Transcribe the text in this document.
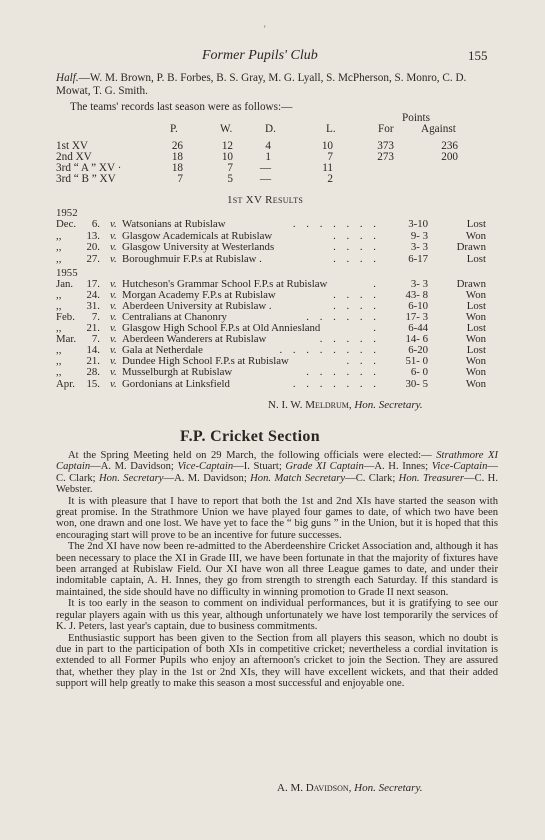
'
Former Pupils' Club	155
Half.—W. M. Brown, P. B. Forbes, B. S. Gray, M. G. Lyall, S. McPherson, S. Monro, C. D. Mowat, T. G. Smith.
The teams' records last season were as follows:—
Points
P.	W.	D.	L.	For Against
1st XV	26	12	4	10	373	236
2nd XV	18	10	1	7	273	200
3rd “ A ” XV ·	18	7	—	11
3rd “ B ” XV	7	5	—	2
1st XV Results
1952
1955
Dec.	6. v. Watsonians at Rubislaw	. . . . . . .	3-10	Lost
,,	13. v. Glasgow Academicals at Rubislaw	. . . .	9- 3	Won
,,	20. v. Glasgow University at Westerlands	. . . .	3- 3	Drawn
,,	27. v. Boroughmuir F.P.s at Rubislaw .	. . . .	6-17	Lost
Jan.	17. v. Hutcheson's Grammar School F.P.s at Rubislaw	.	3- 3	Drawn
,,	24. v. Morgan Academy F.P.s at Rubislaw	. . . .	43- 8	Won
,,	31. v. Aberdeen University at Rubislaw .	. . . .	6-10	Lost
Feb.	7. v. Centralians at Chanonry	. . . . . .	17- 3	Won
,,	21. v. Glasgow High School F.P.s at Old Anniesland	.	6-44	Lost
Mar.	7. v. Aberdeen Wanderers at Rubislaw	. . . . .	14- 6	Won
,,	14. v. Gala at Netherdale	. . . . . . . .	6-20	Lost
,,	21. v. Dundee High School F.P.s at Rubislaw	. . .	51- 0	Won
,,	28. v. Musselburgh at Rubislaw	. . . . . .	6- 0	Won
Apr.	15. v. Gordonians at Linksfield	. . . . . . .	30- 5	Won
N. I. W. Meldrum, Hon. Secretary.
F.P. Cricket Section

At the Spring Meeting held on 29 March, the following officials were elected:— Strathmore XI Captain—A. M. Davidson; Vice-Captain—I. Stuart; Grade XI Captain—A. H. Innes; Vice-Captain—C. Clark; Hon. Secretary—A. M. Davidson; Hon. Match Secretary—C. Clark; Hon. Treasurer—C. H. Webster.

It is with pleasure that I have to report that both the 1st and 2nd XIs have started the season with great promise. In the Strathmore Union we have played four games to date, of which two have been won, one drawn and one lost. We have yet to face the “ big guns ” in the Union, but it is hoped that this encouraging start will prove to be an incentive for future successes.

The 2nd XI have now been re-admitted to the Aberdeenshire Cricket Association and, although it has been necessary to place the XI in Grade III, we have been fortunate in that the majority of fixtures have been arranged at Rubislaw Field. Our XI have won all three League games to date, and under their indomitable captain, A. H. Innes, they go from strength to strength each Saturday. If this standard is maintained, the side should have no difficulty in winning promotion to Grade II next season.

It is too early in the season to comment on individual performances, but it is gratifying to see our regular players again with us this year, although unfortunately we have lost temporarily the services of K. J. Peters, last year's captain, due to business commitments.

Enthusiastic support has been given to the Section from all players this season, which no doubt is due in part to the participation of both XIs in competitive cricket; nevertheless a cordial invitation is extended to all Former Pupils who enjoy an afternoon's cricket to join the Section. They are assured that, whether they play in the 1st or 2nd XIs, they will have excellent wickets, and that their added support will help greatly to make this season a most successful and enjoyable one.

A. M. Davidson, Hon. Secretary.
